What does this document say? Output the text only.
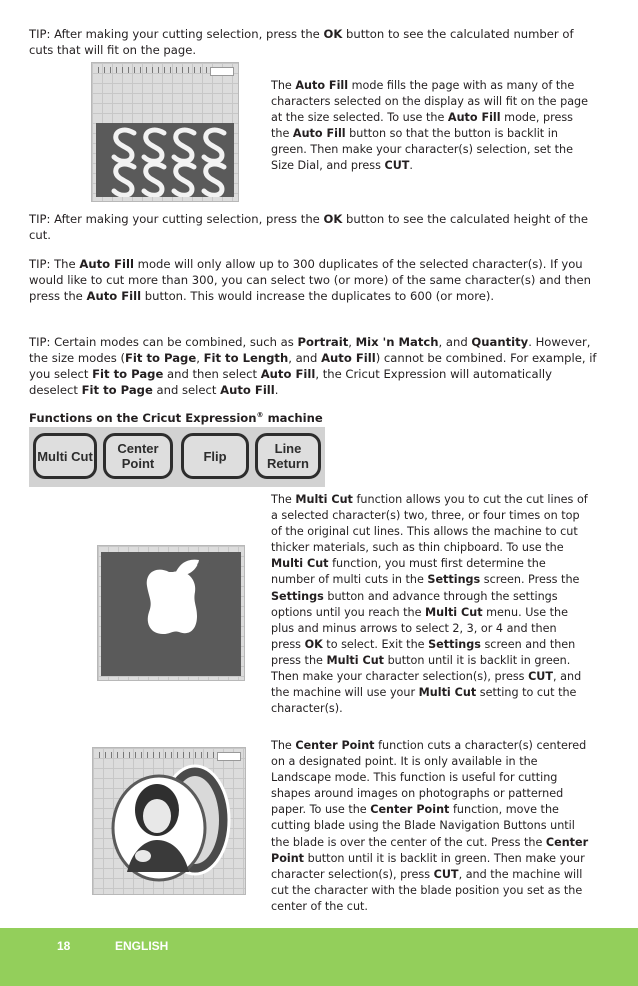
TIP: After making your cutting selection, press the OK button to see the calculated number of cuts that will fit on the page.

The Auto Fill mode fills the page with as many of the characters selected on the display as will fit on the page at the size selected. To use the Auto Fill mode, press the Auto Fill button so that the button is backlit in green. Then make your character(s) selection, set the Size Dial, and press CUT.

TIP: After making your cutting selection, press the OK button to see the calculated height of the cut.

TIP: The Auto Fill mode will only allow up to 300 duplicates of the selected character(s). If you would like to cut more than 300, you can select two (or more) of the same character(s) and then press the Auto Fill button. This would increase the duplicates to 600 (or more).

TIP: Certain modes can be combined, such as Portrait, Mix 'n Match, and Quantity. However, the size modes (Fit to Page, Fit to Length, and Auto Fill) cannot be combined. For example, if you select Fit to Page and then select Auto Fill, the Cricut Expression will automatically deselect Fit to Page and select Auto Fill.

Functions on the Cricut Expression® machine

Multi Cut	Center Point	Flip	Line Return

The Multi Cut function allows you to cut the cut lines of a selected character(s) two, three, or four times on top of the original cut lines. This allows the machine to cut thicker materials, such as thin chipboard. To use the Multi Cut function, you must first determine the number of multi cuts in the Settings screen. Press the Settings button and advance through the settings options until you reach the Multi Cut menu. Use the plus and minus arrows to select 2, 3, or 4 and then press OK to select. Exit the Settings screen and then press the Multi Cut button until it is backlit in green. Then make your character selection(s), press CUT, and the machine will use your Multi Cut setting to cut the character(s).

The Center Point function cuts a character(s) centered on a designated point. It is only available in the Landscape mode. This function is useful for cutting shapes around images on photographs or patterned paper. To use the Center Point function, move the cutting blade using the Blade Navigation Buttons until the blade is over the center of the cut. Press the Center Point button until it is backlit in green. Then make your character selection(s), press CUT, and the machine will cut the character with the blade position you set as the center of the cut.

18	ENGLISH
